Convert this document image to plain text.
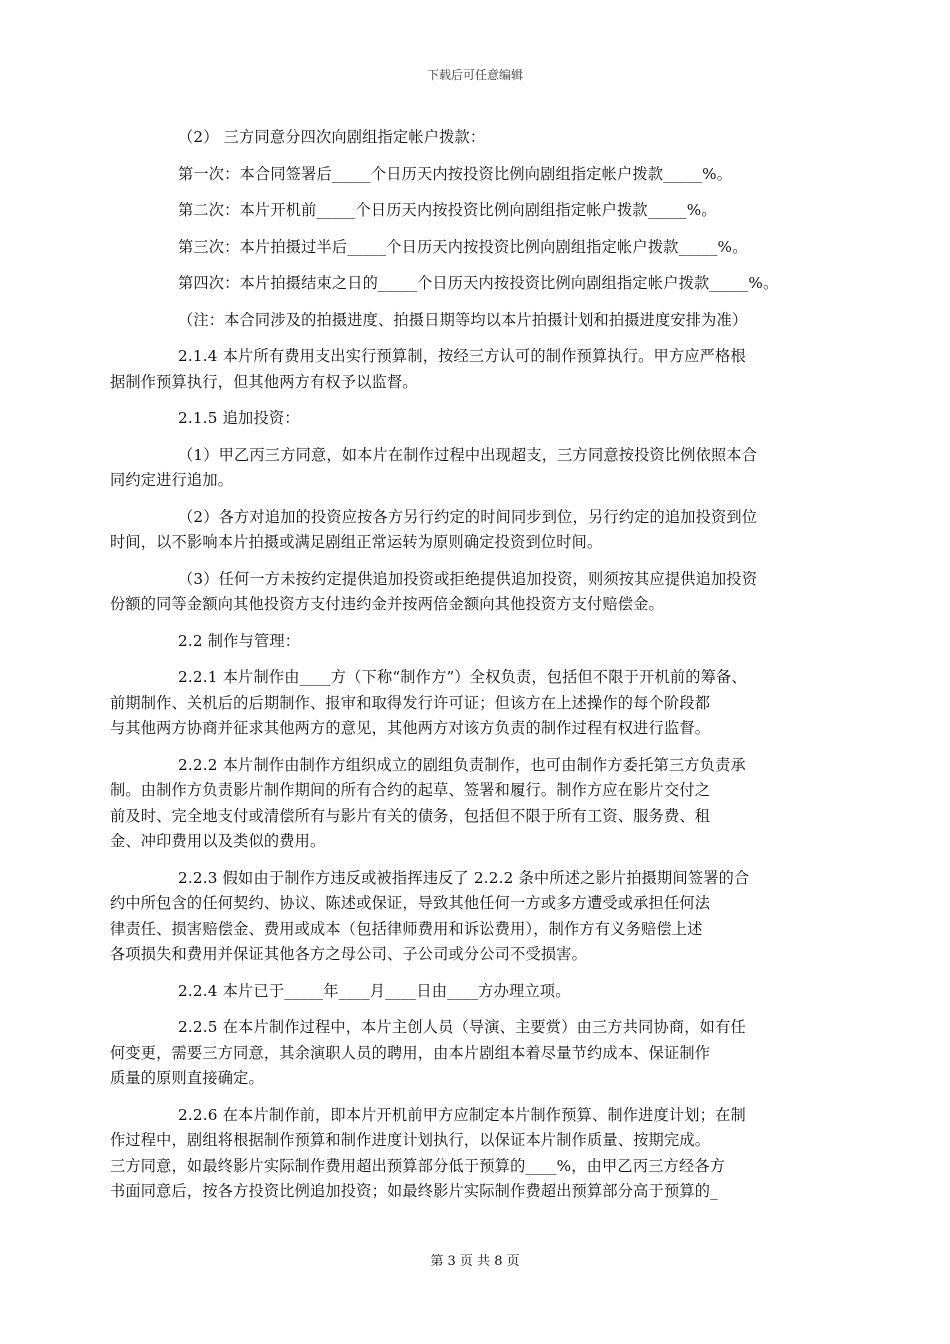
下载后可任意编辑
（2） 三方同意分四次向剧组指定帐户拨款：
第一次：本合同签署后_____个日历天内按投资比例向剧组指定帐户拨款_____%。
第二次：本片开机前_____个日历天内按投资比例向剧组指定帐户拨款_____%。
第三次：本片拍摄过半后_____个日历天内按投资比例向剧组指定帐户拨款_____%。
第四次：本片拍摄结束之日的_____个日历天内按投资比例向剧组指定帐户拨款_____%。
（注：本合同涉及的拍摄进度、拍摄日期等均以本片拍摄计划和拍摄进度安排为准）
2.1.4 本片所有费用支出实行预算制，按经三方认可的制作预算执行。甲方应严格根
据制作预算执行，但其他两方有权予以监督。
2.1.5 追加投资：
（1）甲乙丙三方同意，如本片在制作过程中出现超支，三方同意按投资比例依照本合
同约定进行追加。
（2）各方对追加的投资应按各方另行约定的时间同步到位，另行约定的追加投资到位
时间，以不影响本片拍摄或满足剧组正常运转为原则确定投资到位时间。
（3）任何一方未按约定提供追加投资或拒绝提供追加投资，则须按其应提供追加投资
份额的同等金额向其他投资方支付违约金并按两倍金额向其他投资方支付赔偿金。
2.2 制作与管理：
2.2.1 本片制作由____方（下称“制作方”）全权负责，包括但不限于开机前的筹备、
前期制作、关机后的后期制作、报审和取得发行许可证；但该方在上述操作的每个阶段都
与其他两方协商并征求其他两方的意见，其他两方对该方负责的制作过程有权进行监督。
2.2.2 本片制作由制作方组织成立的剧组负责制作，也可由制作方委托第三方负责承
制。由制作方负责影片制作期间的所有合约的起草、签署和履行。制作方应在影片交付之
前及时、完全地支付或清偿所有与影片有关的债务，包括但不限于所有工资、服务费、租
金、冲印费用以及类似的费用。
2.2.3 假如由于制作方违反或被指挥违反了 2.2.2 条中所述之影片拍摄期间签署的合
约中所包含的任何契约、协议、陈述或保证，导致其他任何一方或多方遭受或承担任何法
律责任、损害赔偿金、费用或成本（包括律师费用和诉讼费用），制作方有义务赔偿上述
各项损失和费用并保证其他各方之母公司、子公司或分公司不受损害。
2.2.4 本片已于_____年____月____日由____方办理立项。
2.2.5 在本片制作过程中，本片主创人员（导演、主要赏）由三方共同协商，如有任
何变更，需要三方同意，其余演职人员的聘用，由本片剧组本着尽量节约成本、保证制作
质量的原则直接确定。
2.2.6 在本片制作前，即本片开机前甲方应制定本片制作预算、制作进度计划；在制
作过程中，剧组将根据制作预算和制作进度计划执行，以保证本片制作质量、按期完成。
三方同意，如最终影片实际制作费用超出预算部分低于预算的____%，由甲乙丙三方经各方
书面同意后，按各方投资比例追加投资；如最终影片实际制作费超出预算部分高于预算的_
第 3 页 共 8 页
